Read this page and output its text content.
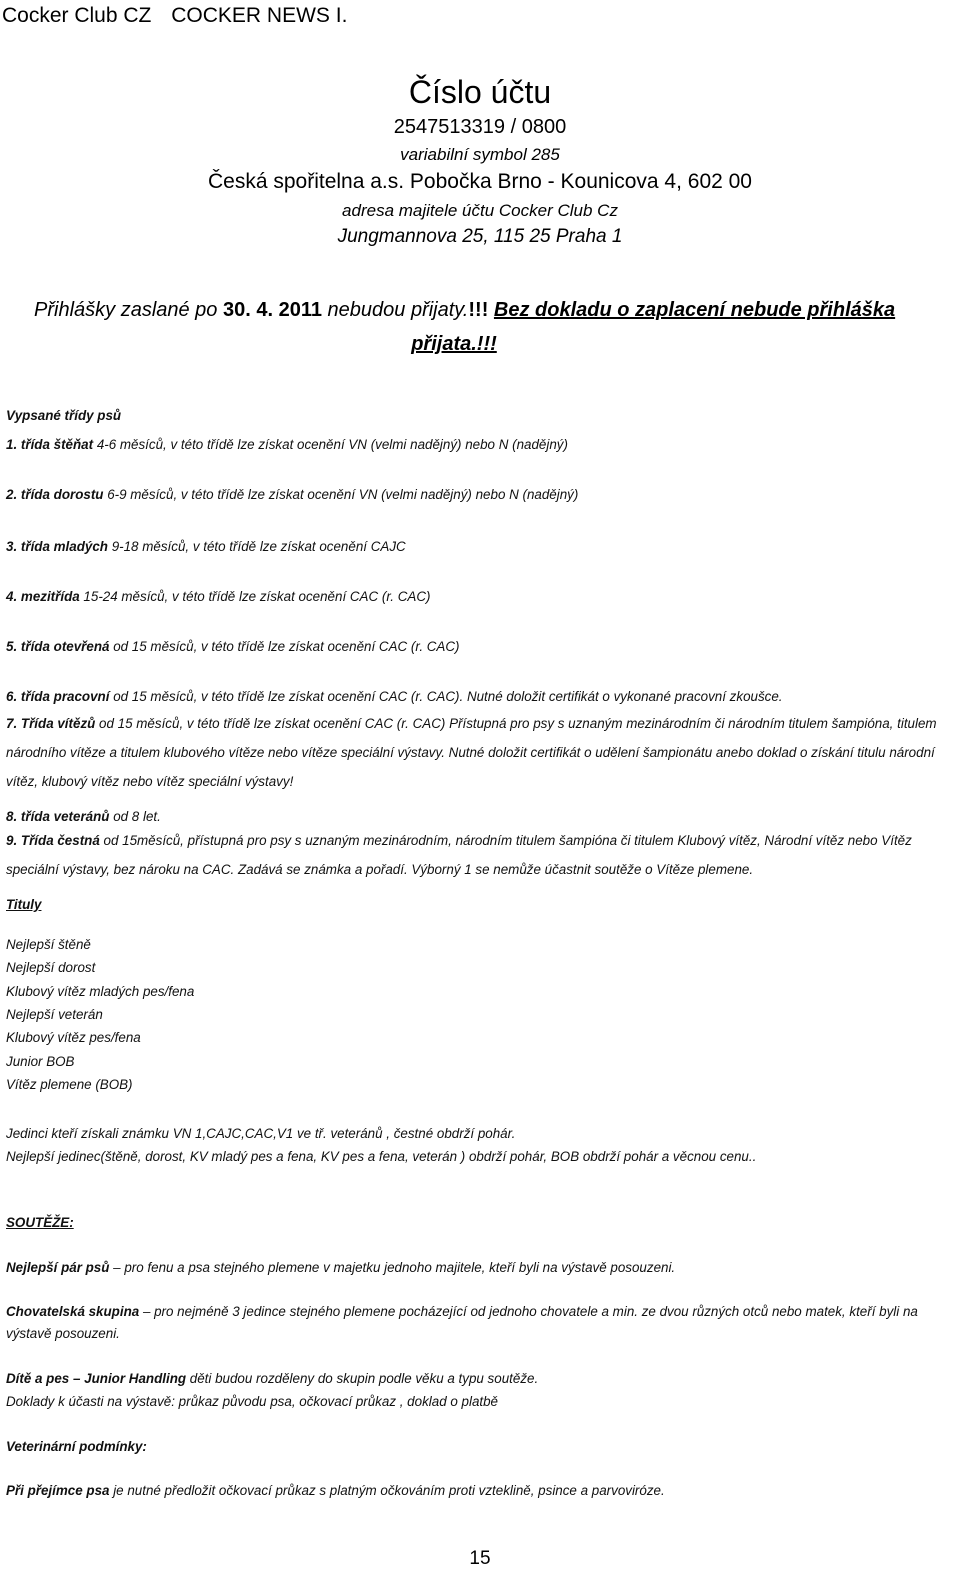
Cocker Club CZ COCKER NEWS I.
Číslo účtu
2547513319 / 0800
variabilní symbol 285
Česká spořitelna a.s. Pobočka Brno - Kounicova 4, 602 00
adresa majitele účtu Cocker Club Cz
Jungmannova 25, 115 25 Praha 1
Přihlášky zaslané po 30. 4. 2011 nebudou přijaty.!!! Bez dokladu o zaplacení nebude přihláška
přijata.!!!
Vypsané třídy psů
1. třída štěňat 4-6 měsíců, v této třídě lze získat ocenění VN (velmi nadějný) nebo N (nadějný)
2. třída dorostu 6-9 měsíců, v této třídě lze získat ocenění VN (velmi nadějný) nebo N (nadějný)
3. třída mladých 9-18 měsíců, v této třídě lze získat ocenění CAJC
4. mezitřída 15-24 měsíců, v této třídě lze získat ocenění CAC (r. CAC)
5. třída otevřená od 15 měsíců, v této třídě lze získat ocenění CAC (r. CAC)
6. třída pracovní od 15 měsíců, v této třídě lze získat ocenění CAC (r. CAC). Nutné doložit certifikát o vykonané pracovní zkoušce.
7. Třída vítězů od 15 měsíců, v této třídě lze získat ocenění CAC (r. CAC) Přístupná pro psy s uznaným mezinárodním či národním titulem šampióna, titulem národního vítěze a titulem klubového vítěze nebo vítěze speciální výstavy. Nutné doložit certifikát o udělení šampionátu anebo doklad o získání titulu národní vítěz, klubový vítěz nebo vítěz speciální výstavy!
8. třída veteránů od 8 let.
9. Třída čestná od 15měsíců, přístupná pro psy s uznaným mezinárodním, národním titulem šampióna či titulem Klubový vítěz, Národní vítěz nebo Vítěz speciální výstavy, bez nároku na CAC. Zadává se známka a pořadí. Výborný 1 se nemůže účastnit soutěže o Vítěze plemene.
Tituly
Nejlepší štěně
Nejlepší dorost
Klubový vítěz mladých pes/fena
Nejlepší veterán
Klubový vítěz pes/fena
Junior BOB
Vítěz plemene (BOB)
Jedinci kteří získali známku VN 1,CAJC,CAC,V1 ve tř. veteránů , čestné obdrží pohár.
Nejlepší jedinec(štěně, dorost, KV mladý pes a fena, KV pes a fena, veterán ) obdrží pohár, BOB obdrží pohár a věcnou cenu..
SOUTĚŽE:
Nejlepší pár psů – pro fenu a psa stejného plemene v majetku jednoho majitele, kteří byli na výstavě posouzeni.
Chovatelská skupina – pro nejméně 3 jedince stejného plemene pocházející od jednoho chovatele a min. ze dvou různých otců nebo matek, kteří byli na výstavě posouzeni.
Dítě a pes – Junior Handling děti budou rozděleny do skupin podle věku a typu soutěže.
Doklady k účasti na výstavě: průkaz původu psa, očkovací průkaz , doklad o platbě
Veterinární podmínky:
Při přejímce psa je nutné předložit očkovací průkaz s platným očkováním proti vzteklině, psince a parvoviróze.
15
